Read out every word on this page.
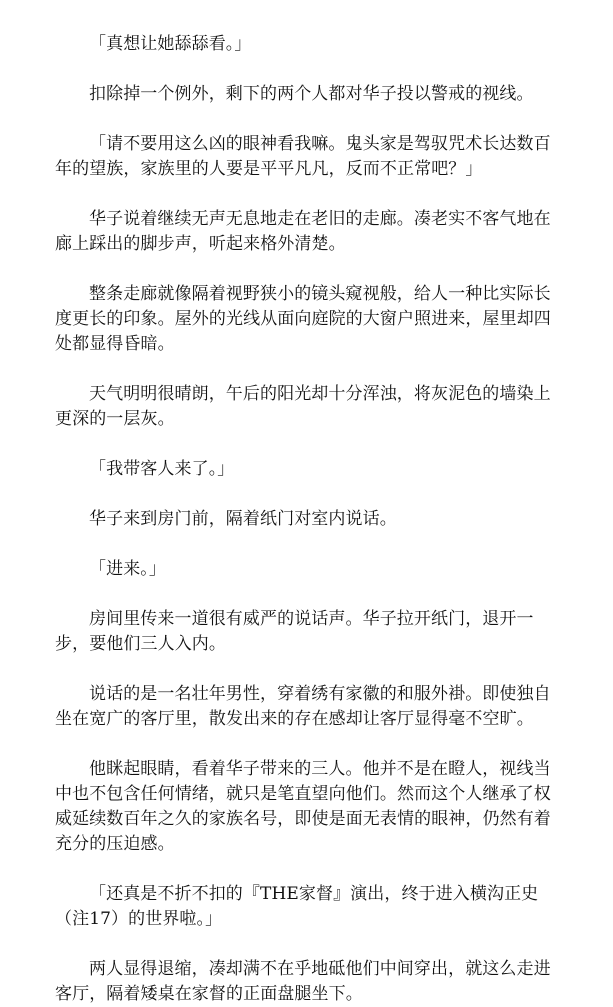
「真想让她舔舔看。」

扣除掉一个例外，剩下的两个人都对华子投以警戒的视线。

「请不要用这么凶的眼神看我嘛。鬼头家是驾驭咒术长达数百年的望族，家族里的人要是平平凡凡，反而不正常吧？」

华子说着继续无声无息地走在老旧的走廊。凑老实不客气地在廊上踩出的脚步声，听起来格外清楚。

整条走廊就像隔着视野狭小的镜头窥视般，给人一种比实际长度更长的印象。屋外的光线从面向庭院的大窗户照进来，屋里却四处都显得昏暗。

天气明明很晴朗，午后的阳光却十分浑浊，将灰泥色的墙染上更深的一层灰。

「我带客人来了。」

华子来到房门前，隔着纸门对室内说话。

「进来。」

房间里传来一道很有威严的说话声。华子拉开纸门，退开一步，要他们三人入内。

说话的是一名壮年男性，穿着绣有家徽的和服外褂。即使独自坐在宽广的客厅里，散发出来的存在感却让客厅显得毫不空旷。

他眯起眼睛，看着华子带来的三人。他并不是在瞪人，视线当中也不包含任何情绪，就只是笔直望向他们。然而这个人继承了权威延续数百年之久的家族名号，即使是面无表情的眼神，仍然有着充分的压迫感。

「还真是不折不扣的『THE家督』演出，终于进入横沟正史（注17）的世界啦。」

两人显得退缩，凑却满不在乎地砥他们中间穿出，就这么走进客厅，隔着矮桌在家督的正面盘腿坐下。
